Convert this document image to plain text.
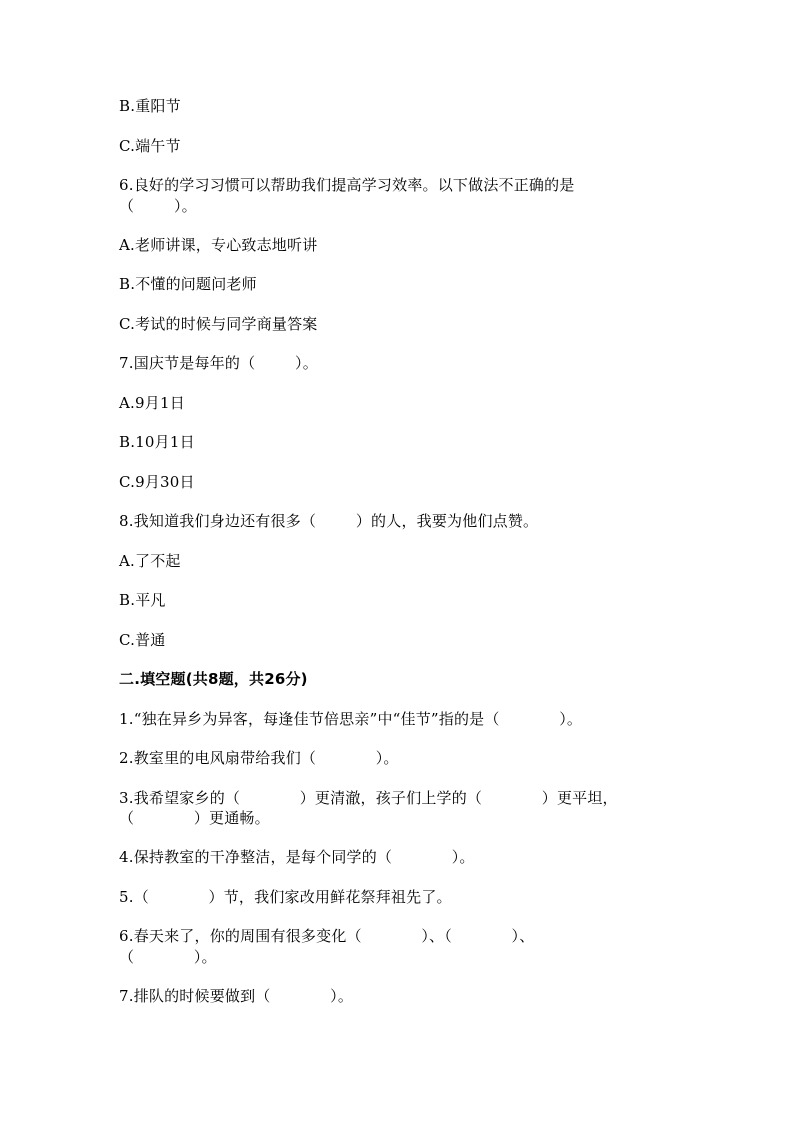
B.重阳节
C.端午节
6.良好的学习习惯可以帮助我们提高学习效率。以下做法不正确的是
（        ）。
A.老师讲课，专心致志地听讲
B.不懂的问题问老师
C.考试的时候与同学商量答案
7.国庆节是每年的（        ）。
A.9月1日
B.10月1日
C.9月30日
8.我知道我们身边还有很多（        ）的人，我要为他们点赞。
A.了不起
B.平凡
C.普通
二.填空题(共8题，共26分)
1.“独在异乡为异客，每逢佳节倍思亲”中“佳节”指的是（            ）。
2.教室里的电风扇带给我们（            ）。
3.我希望家乡的（            ）更清澈，孩子们上学的（            ）更平坦，
（            ）更通畅。
4.保持教室的干净整洁，是每个同学的（            ）。
5.（            ）节，我们家改用鲜花祭拜祖先了。
6.春天来了，你的周围有很多变化（            ）、（            ）、
（            ）。
7.排队的时候要做到（            ）。
